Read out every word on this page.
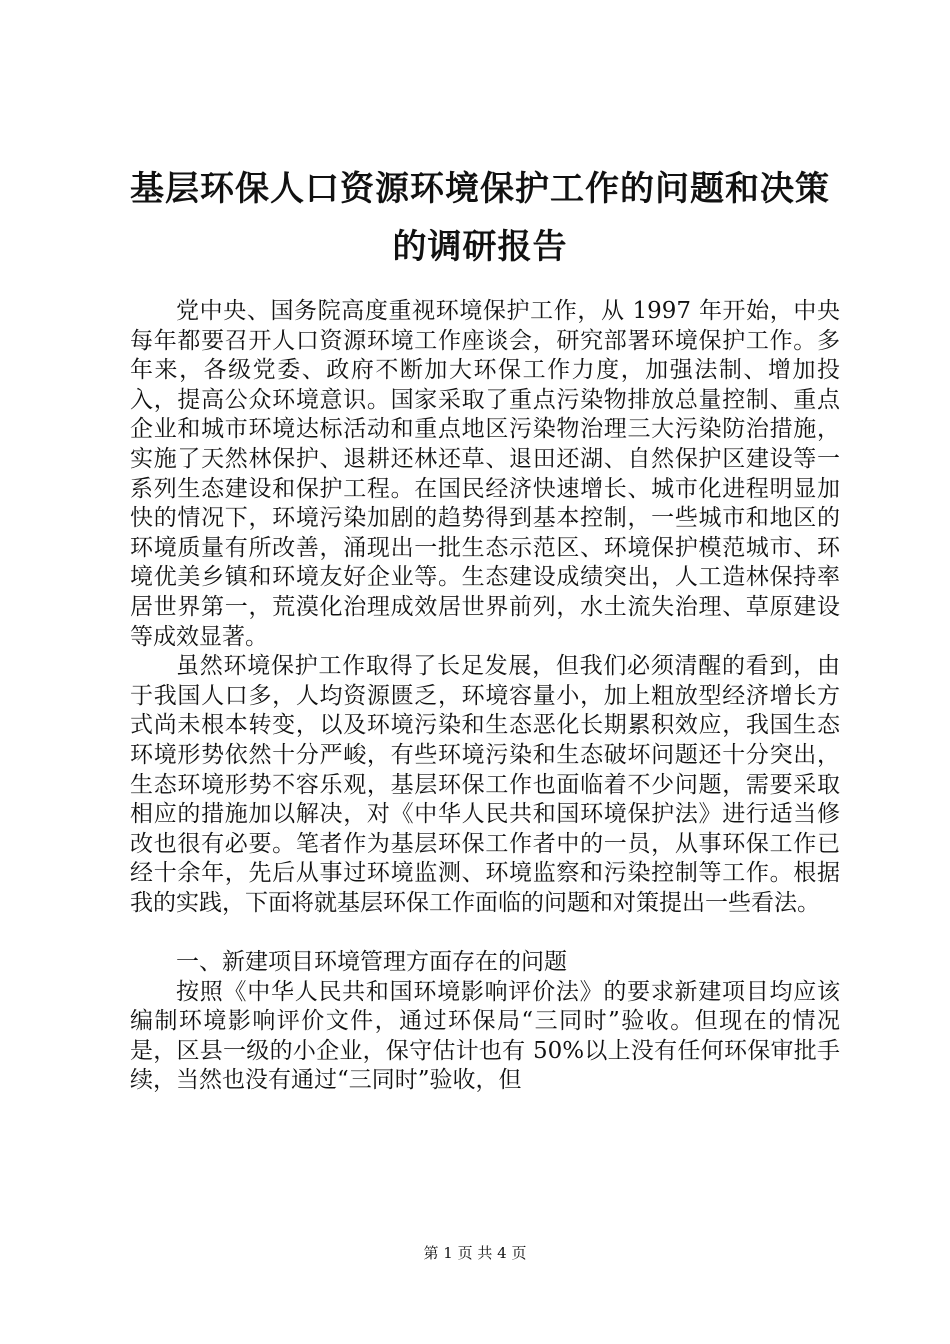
基层环保人口资源环境保护工作的问题和决策
的调研报告

党中央、国务院高度重视环境保护工作，从 1997 年开始，中央每年都要召开人口资源环境工作座谈会，研究部署环境保护工作。多年来，各级党委、政府不断加大环保工作力度，加强法制、增加投入，提高公众环境意识。国家采取了重点污染物排放总量控制、重点企业和城市环境达标活动和重点地区污染物治理三大污染防治措施，实施了天然林保护、退耕还林还草、退田还湖、自然保护区建设等一系列生态建设和保护工程。在国民经济快速增长、城市化进程明显加快的情况下，环境污染加剧的趋势得到基本控制，一些城市和地区的环境质量有所改善，涌现出一批生态示范区、环境保护模范城市、环境优美乡镇和环境友好企业等。生态建设成绩突出，人工造林保持率居世界第一，荒漠化治理成效居世界前列，水土流失治理、草原建设等成效显著。

虽然环境保护工作取得了长足发展，但我们必须清醒的看到，由于我国人口多，人均资源匮乏，环境容量小，加上粗放型经济增长方式尚未根本转变，以及环境污染和生态恶化长期累积效应，我国生态环境形势依然十分严峻，有些环境污染和生态破坏问题还十分突出，生态环境形势不容乐观，基层环保工作也面临着不少问题，需要采取相应的措施加以解决，对《中华人民共和国环境保护法》进行适当修改也很有必要。笔者作为基层环保工作者中的一员，从事环保工作已经十余年，先后从事过环境监测、环境监察和污染控制等工作。根据我的实践，下面将就基层环保工作面临的问题和对策提出一些看法。

一、新建项目环境管理方面存在的问题

按照《中华人民共和国环境影响评价法》的要求新建项目均应该编制环境影响评价文件，通过环保局“三同时”验收。但现在的情况是，区县一级的小企业，保守估计也有 50%以上没有任何环保审批手续，当然也没有通过“三同时”验收，但

第 1 页 共 4 页
